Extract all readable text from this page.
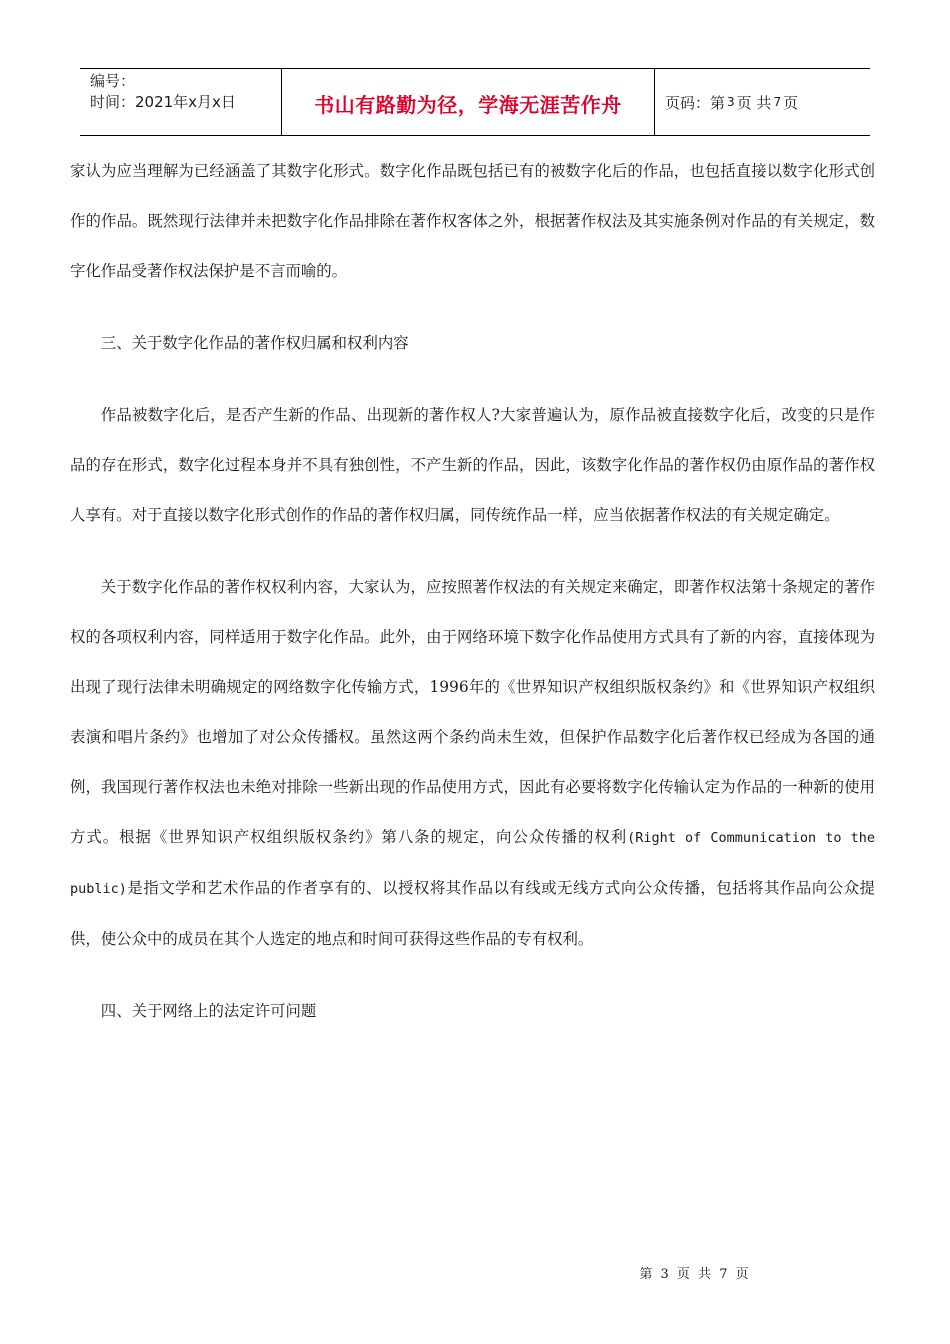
编号：
时间：2021年x月x日	书山有路勤为径，学海无涯苦作舟	页码：第 3 页 共 7 页

家认为应当理解为已经涵盖了其数字化形式。数字化作品既包括已有的被数字化后的作品，也包括直接以数字化形式创作的作品。既然现行法律并未把数字化作品排除在著作权客体之外，根据著作权法及其实施条例对作品的有关规定，数字化作品受著作权法保护是不言而喻的。

三、关于数字化作品的著作权归属和权利内容

作品被数字化后，是否产生新的作品、出现新的著作权人?大家普遍认为，原作品被直接数字化后，改变的只是作品的存在形式，数字化过程本身并不具有独创性，不产生新的作品，因此，该数字化作品的著作权仍由原作品的著作权人享有。对于直接以数字化形式创作的作品的著作权归属，同传统作品一样，应当依据著作权法的有关规定确定。

关于数字化作品的著作权权利内容，大家认为，应按照著作权法的有关规定来确定，即著作权法第十条规定的著作权的各项权利内容，同样适用于数字化作品。此外，由于网络环境下数字化作品使用方式具有了新的内容，直接体现为出现了现行法律未明确规定的网络数字化传输方式，1996年的《世界知识产权组织版权条约》和《世界知识产权组织表演和唱片条约》也增加了对公众传播权。虽然这两个条约尚未生效，但保护作品数字化后著作权已经成为各国的通例，我国现行著作权法也未绝对排除一些新出现的作品使用方式，因此有必要将数字化传输认定为作品的一种新的使用方式。根据《世界知识产权组织版权条约》第八条的规定，向公众传播的权利(Right of Communication to the public)是指文学和艺术作品的作者享有的、以授权将其作品以有线或无线方式向公众传播，包括将其作品向公众提供，使公众中的成员在其个人选定的地点和时间可获得这些作品的专有权利。

四、关于网络上的法定许可问题

第 3 页 共 7 页
